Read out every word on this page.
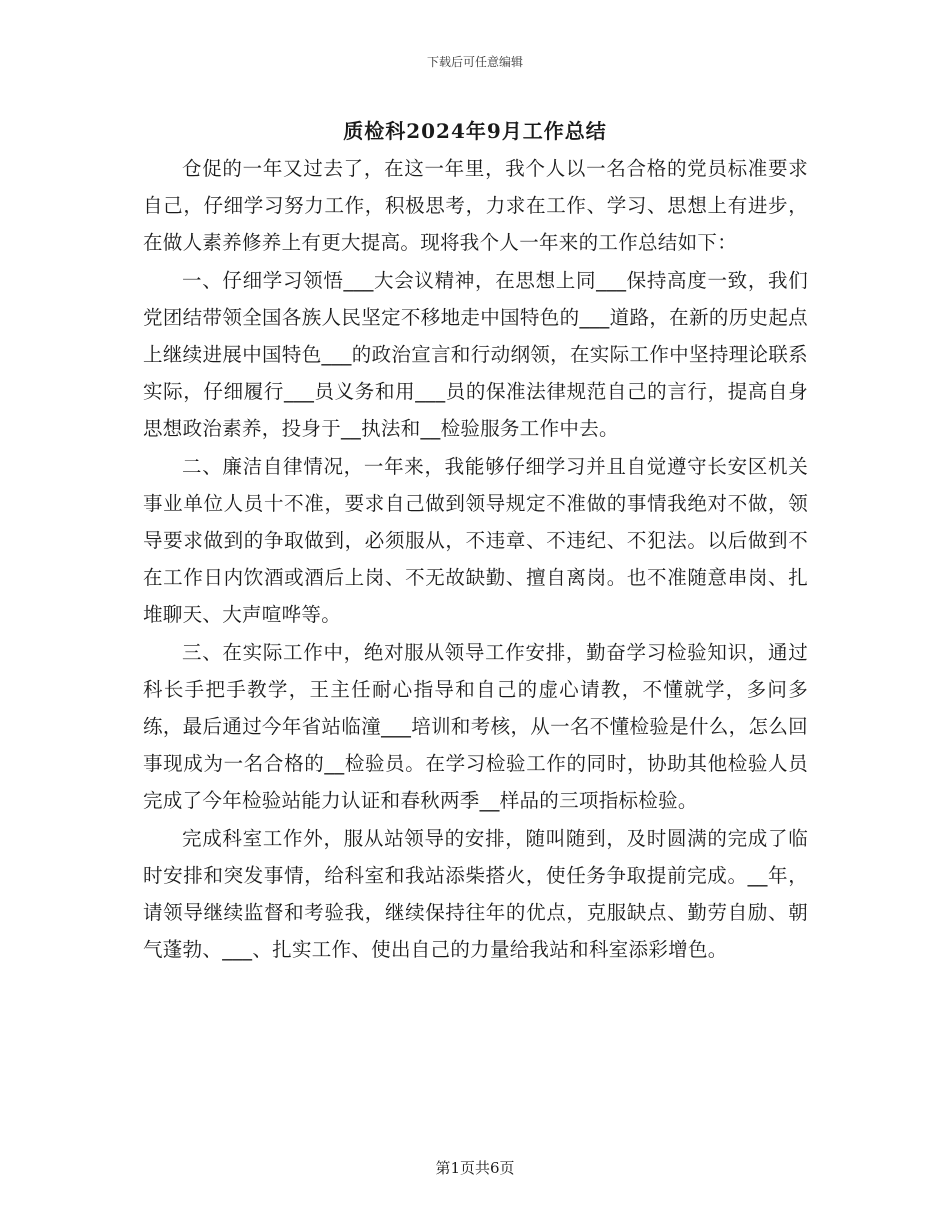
下载后可任意编辑
质检科2024年9月工作总结

仓促的一年又过去了，在这一年里，我个人以一名合格的党员标准要求自己，仔细学习努力工作，积极思考，力求在工作、学习、思想上有进步，在做人素养修养上有更大提高。现将我个人一年来的工作总结如下：

一、仔细学习领悟___大会议精神，在思想上同___保持高度一致，我们党团结带领全国各族人民坚定不移地走中国特色的___道路，在新的历史起点上继续进展中国特色___的政治宣言和行动纲领，在实际工作中坚持理论联系实际，仔细履行___员义务和用___员的保准法律规范自己的言行，提高自身思想政治素养，投身于__执法和__检验服务工作中去。

二、廉洁自律情况，一年来，我能够仔细学习并且自觉遵守长安区机关事业单位人员十不准，要求自己做到领导规定不准做的事情我绝对不做，领导要求做到的争取做到，必须服从，不违章、不违纪、不犯法。以后做到不在工作日内饮酒或酒后上岗、不无故缺勤、擅自离岗。也不准随意串岗、扎堆聊天、大声喧哗等。

三、在实际工作中，绝对服从领导工作安排，勤奋学习检验知识，通过科长手把手教学，王主任耐心指导和自己的虚心请教，不懂就学，多问多练，最后通过今年省站临潼___培训和考核，从一名不懂检验是什么，怎么回事现成为一名合格的__检验员。在学习检验工作的同时，协助其他检验人员完成了今年检验站能力认证和春秋两季__样品的三项指标检验。

完成科室工作外，服从站领导的安排，随叫随到，及时圆满的完成了临时安排和突发事情，给科室和我站添柴搭火，使任务争取提前完成。__年，请领导继续监督和考验我，继续保持往年的优点，克服缺点、勤劳自励、朝气蓬勃、___、扎实工作、使出自己的力量给我站和科室添彩增色。

第1页共6页
